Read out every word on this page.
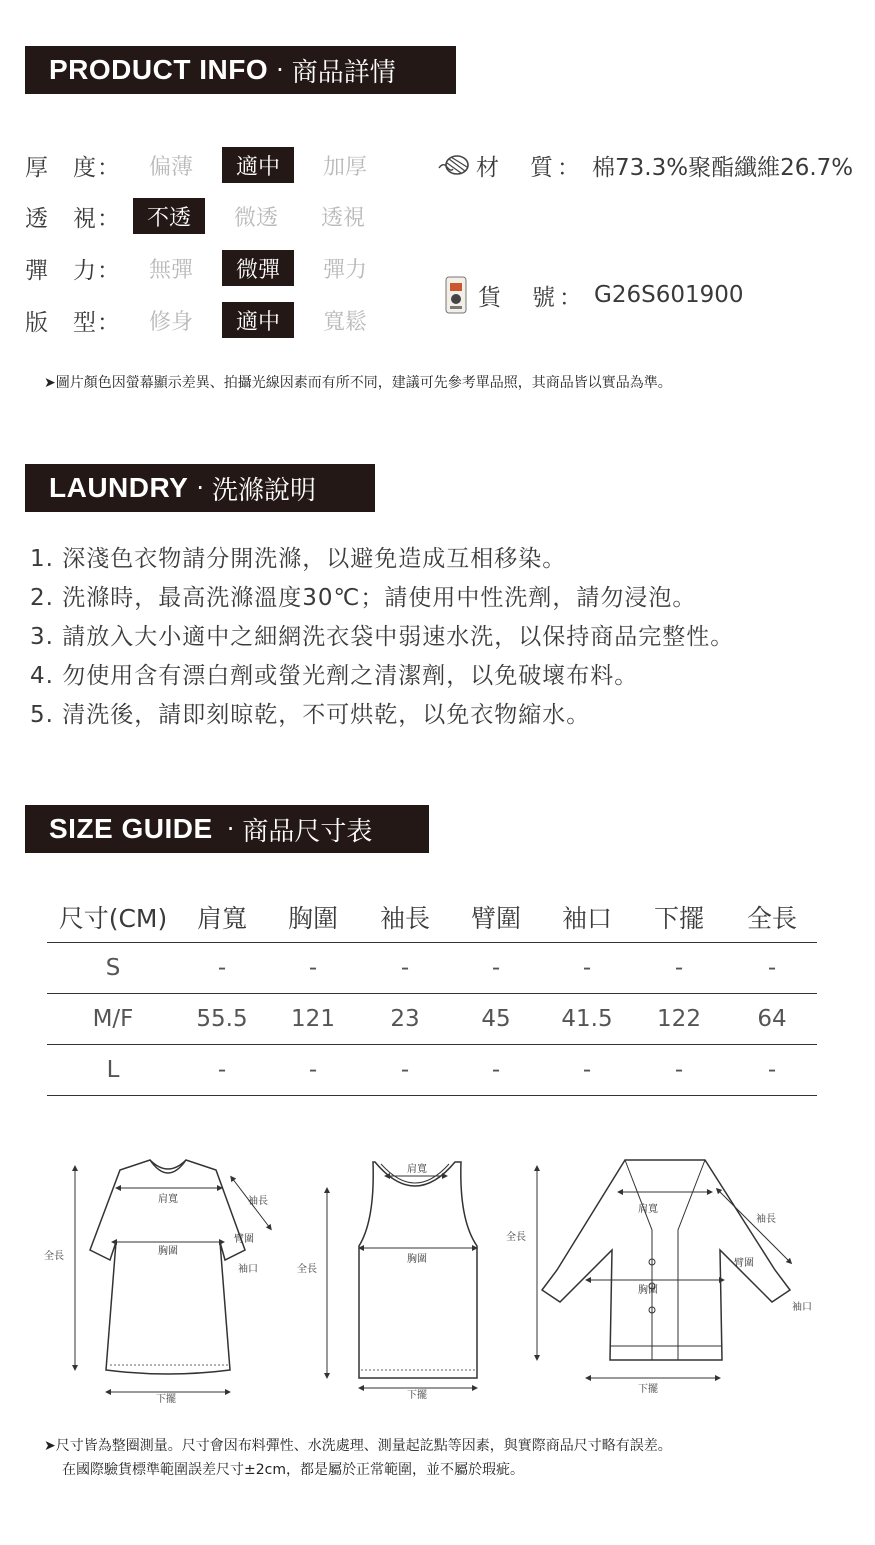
PRODUCT INFO · 商品詳情
厚　度：	偏薄	適中	加厚
透　視：	不透	微透	透視
彈　力：	無彈	微彈	彈力
版　型：	修身	適中	寬鬆
材　質： 棉73.3%聚酯纖維26.7%
貨　號： G26S601900
➤圖片顏色因螢幕顯示差異、拍攝光線因素而有所不同，建議可先參考單品照，其商品皆以實品為準。
LAUNDRY · 洗滌說明
1. 深淺色衣物請分開洗滌，以避免造成互相移染。
2. 洗滌時，最高洗滌溫度30℃；請使用中性洗劑，請勿浸泡。
3. 請放入大小適中之細網洗衣袋中弱速水洗，以保持商品完整性。
4. 勿使用含有漂白劑或螢光劑之清潔劑，以免破壞布料。
5. 清洗後，請即刻晾乾，不可烘乾，以免衣物縮水。
SIZE GUIDE · 商品尺寸表
尺寸(CM)	肩寬	胸圍	袖長	臂圍	袖口	下擺	全長
S	-	-	-	-	-	-	-
M/F	55.5	121	23	45	41.5	122	64
L	-	-	-	-	-	-	-
全長
肩寬
胸圍
袖長
臂圍
袖口
下擺
全長
肩寬
胸圍
下擺
全長
肩寬
胸圍
袖長
臂圍
袖口
下擺
➤尺寸皆為整圈測量。尺寸會因布料彈性、水洗處理、測量起訖點等因素，與實際商品尺寸略有誤差。
在國際驗貨標準範圍誤差尺寸±2cm，都是屬於正常範圍，並不屬於瑕疵。
